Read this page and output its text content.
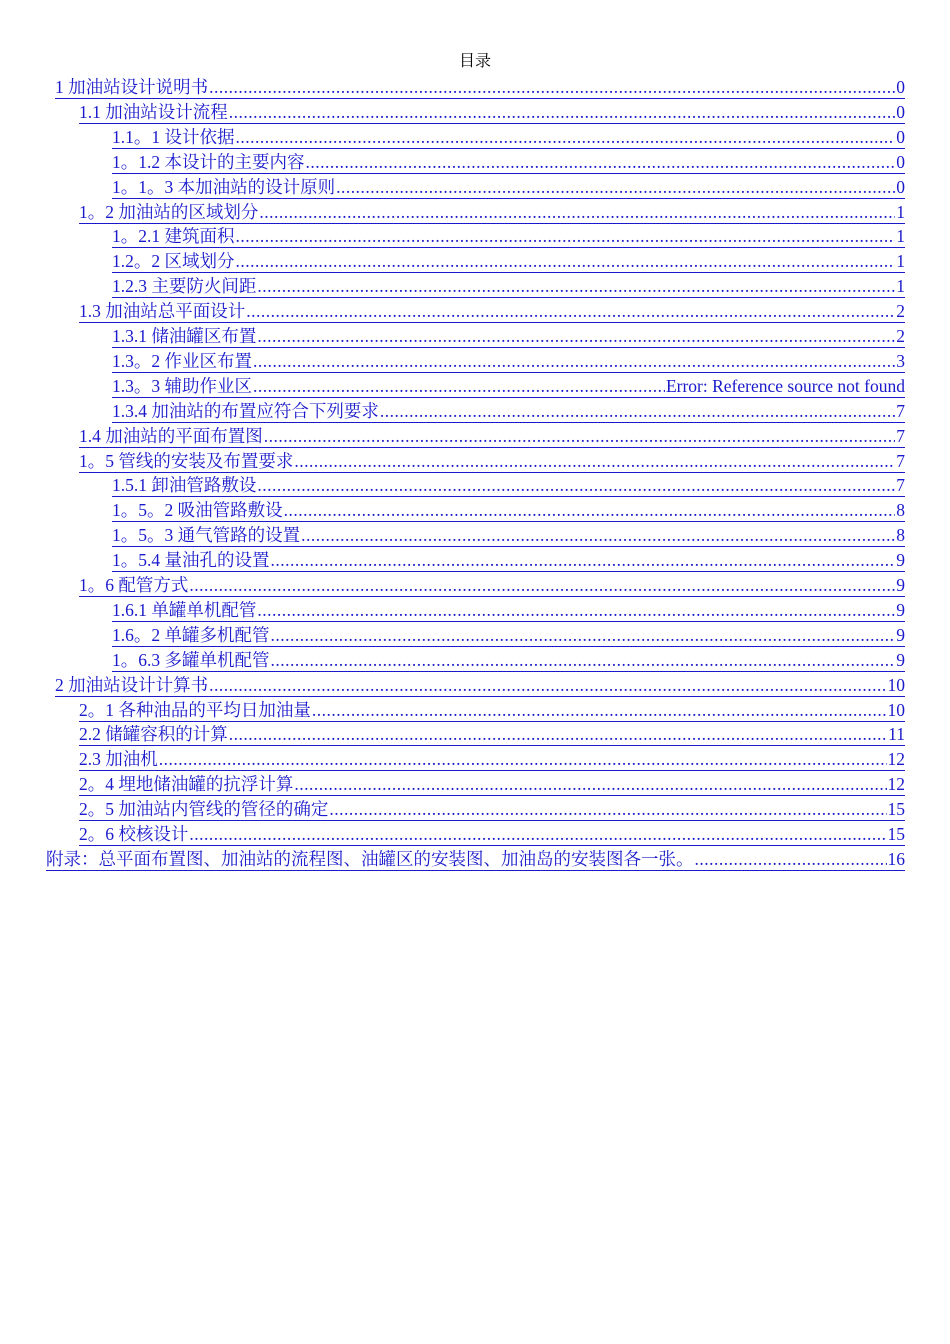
目录
1 加油站设计说明书 .....	0
1.1 加油站设计流程 .....	0
1.1。1 设计依据 .....	0
1。1.2 本设计的主要内容 .....	0
1。1。3 本加油站的设计原则 .....	0
1。2 加油站的区域划分 .....	1
1。2.1 建筑面积 .....	1
1.2。2 区域划分 .....	1
1.2.3 主要防火间距 .....	1
1.3 加油站总平面设计 .....	2
1.3.1 储油罐区布置 .....	2
1.3。2 作业区布置 .....	3
1.3。3 辅助作业区 .....	Error: Reference source not found
1.3.4 加油站的布置应符合下列要求 .....	7
1.4 加油站的平面布置图 .....	7
1。5 管线的安装及布置要求 .....	7
1.5.1 卸油管路敷设 .....	7
1。5。2 吸油管路敷设 .....	8
1。5。3 通气管路的设置 .....	8
1。5.4 量油孔的设置 .....	9
1。6 配管方式 .....	9
1.6.1 单罐单机配管 .....	9
1.6。2 单罐多机配管 .....	9
1。6.3 多罐单机配管 .....	9
2 加油站设计计算书 .....	10
2。1 各种油品的平均日加油量 .....	10
2.2 储罐容积的计算 .....	11
2.3 加油机 .....	12
2。4 埋地储油罐的抗浮计算 .....	12
2。5 加油站内管线的管径的确定 .....	15
2。6 校核设计 .....	15
附录：总平面布置图、加油站的流程图、油罐区的安装图、加油岛的安装图各一张。 .....	16
